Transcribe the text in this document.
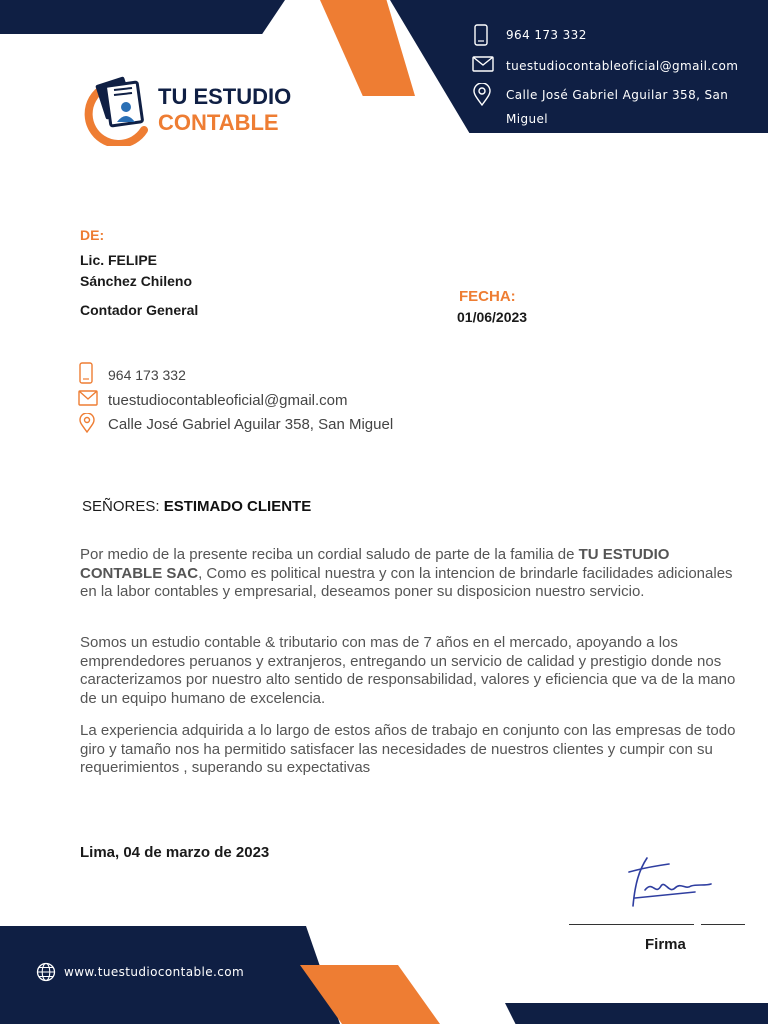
964 173 332
tuestudiocontableoficial@gmail.com
Calle José Gabriel Aguilar 358, San Miguel
TU ESTUDIO
CONTABLE
DE:
Lic. FELIPE
Sánchez Chileno
Contador General
FECHA:
01/06/2023
964 173 332
tuestudiocontableoficial@gmail.com
Calle José Gabriel Aguilar 358, San Miguel
SEÑORES: ESTIMADO CLIENTE
Por medio de la presente reciba un cordial saludo de parte de la familia de TU ESTUDIO CONTABLE SAC, Como es political nuestra y con la intencion de brindarle facilidades adicionales en la labor contables y empresarial, deseamos poner su disposicion nuestro servicio.
Somos un estudio contable & tributario con mas de 7 años en el mercado, apoyando a los emprendedores peruanos y extranjeros, entregando un servicio de calidad y prestigio donde nos caracterizamos por nuestro alto sentido de responsabilidad, valores y eficiencia que va de la mano de un equipo humano de excelencia.
La experiencia adquirida a lo largo de estos años de trabajo en conjunto con las empresas de todo giro y tamaño nos ha permitido satisfacer las necesidades de nuestros clientes y cumpir con su requerimientos , superando su expectativas
Lima, 04 de marzo de 2023
Firma
www.tuestudiocontable.com
